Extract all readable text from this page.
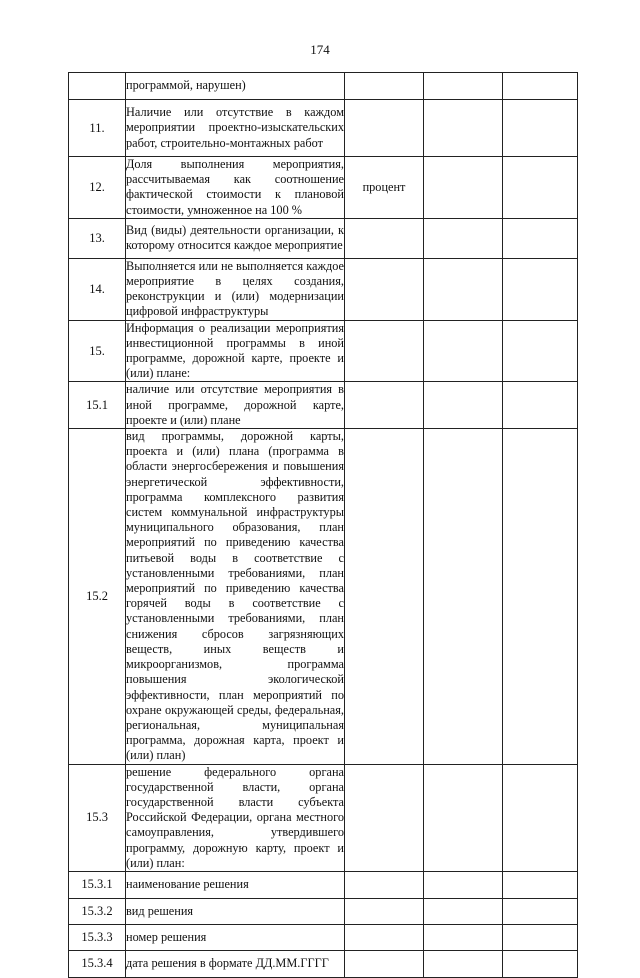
174
	программой, нарушен)			
11.	Наличие или отсутствие в каждом мероприятии проектно-изыскательских работ, строительно-монтажных работ			
12.	Доля выполнения мероприятия, рассчитываемая как соотношение фактической стоимости к плановой стоимости, умноженное на 100 %	процент		
13.	Вид (виды) деятельности организации, к которому относится каждое мероприятие			
14.	Выполняется или не выполняется каждое мероприятие в целях создания, реконструкции и (или) модернизации цифровой инфраструктуры			
15.	Информация о реализации мероприятия инвестиционной программы в иной программе, дорожной карте, проекте и (или) плане:			
15.1	наличие или отсутствие мероприятия в иной программе, дорожной карте, проекте и (или) плане			
15.2	вид программы, дорожной карты, проекта и (или) плана (программа в области энергосбережения и повышения энергетической эффективности, программа комплексного развития систем коммунальной инфраструктуры муниципального образования, план мероприятий по приведению качества питьевой воды в соответствие с установленными требованиями, план мероприятий по приведению качества горячей воды в соответствие с установленными требованиями, план снижения сбросов загрязняющих веществ, иных веществ и микроорганизмов, программа повышения экологической эффективности, план мероприятий по охране окружающей среды, федеральная, региональная, муниципальная программа, дорожная карта, проект и (или) план)			
15.3	решение федерального органа государственной власти, органа государственной власти субъекта Российской Федерации, органа местного самоуправления, утвердившего программу, дорожную карту, проект и (или) план:			
15.3.1	наименование решения			
15.3.2	вид решения			
15.3.3	номер решения			
15.3.4	дата решения в формате ДД.ММ.ГГГГ			
